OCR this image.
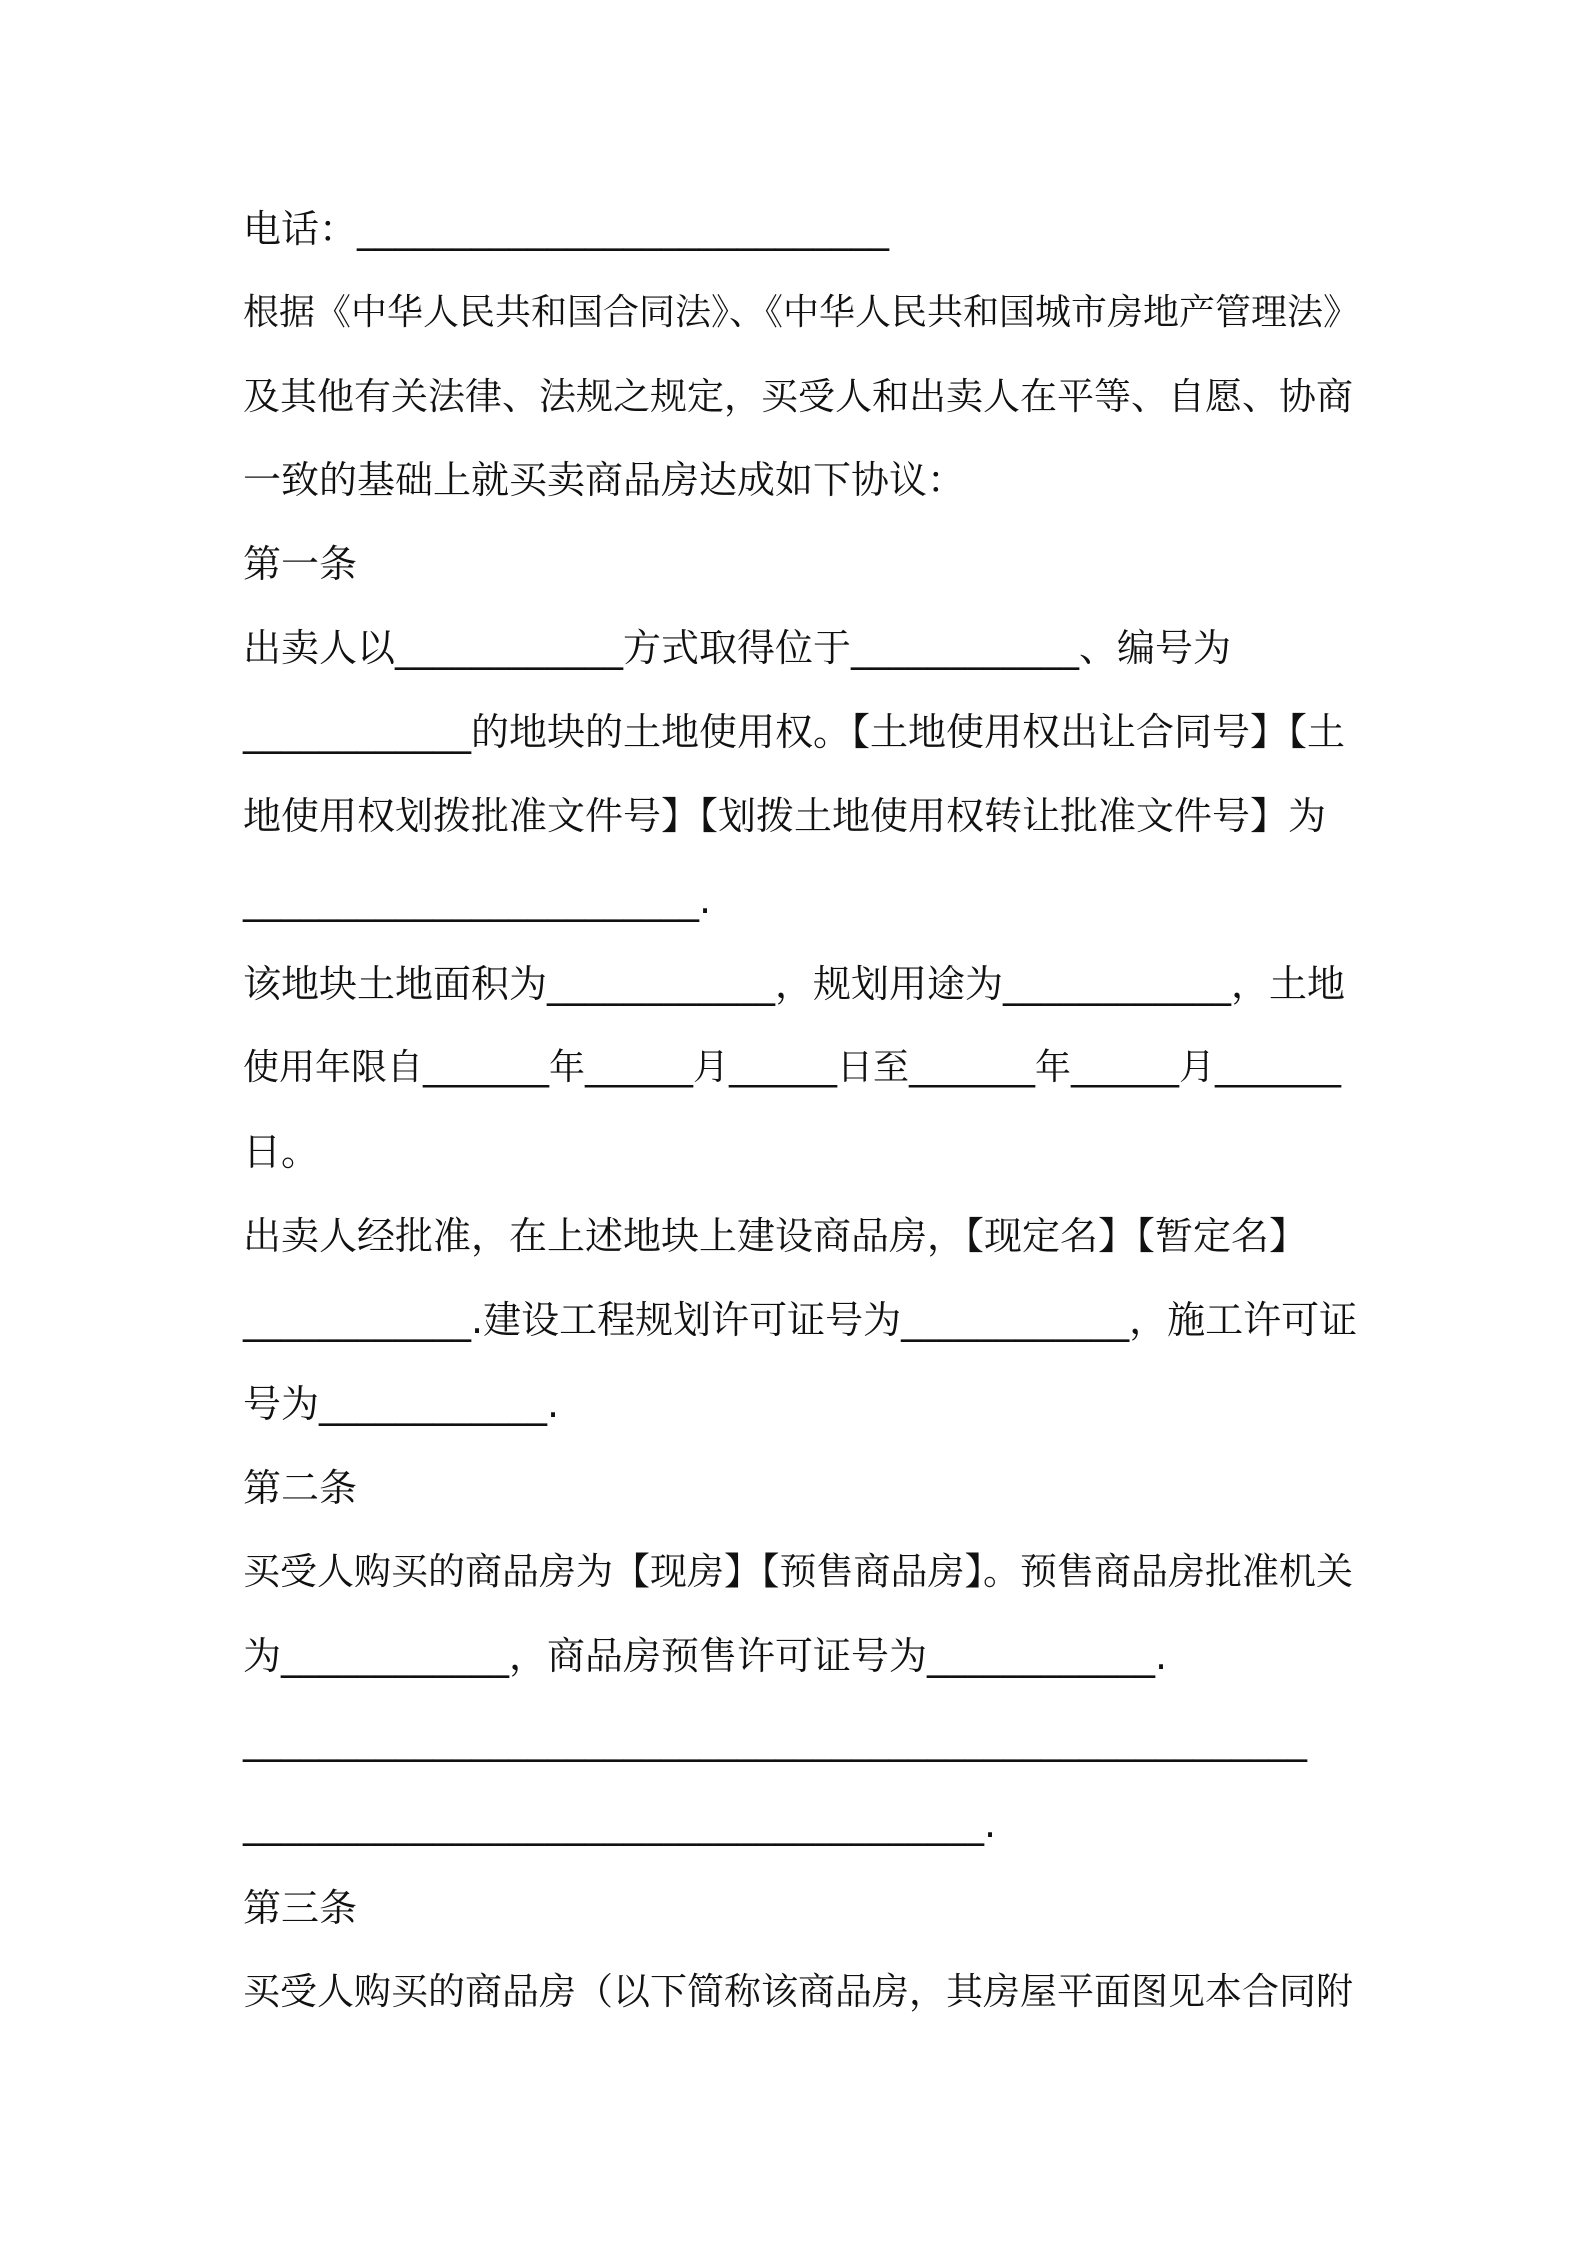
电话：____________________________
根据《中华人民共和国合同法》、《中华人民共和国城市房地产管理法》
及其他有关法律、法规之规定，买受人和出卖人在平等、自愿、协商
一致的基础上就买卖商品房达成如下协议：
第一条
出卖人以____________方式取得位于____________、编号为
____________的地块的土地使用权。【土地使用权出让合同号】【土
地使用权划拨批准文件号】【划拨土地使用权转让批准文件号】为
________________________.
该地块土地面积为____________，规划用途为____________，土地
使用年限自_______年______月______日至_______年______月_______
日。
出卖人经批准，在上述地块上建设商品房，【现定名】【暂定名】
____________.建设工程规划许可证号为____________，施工许可证
号为____________.
第二条
买受人购买的商品房为【现房】【预售商品房】。预售商品房批准机关
为____________，商品房预售许可证号为____________.
________________________________________________________
_______________________________________.
第三条
买受人购买的商品房（以下简称该商品房，其房屋平面图见本合同附
